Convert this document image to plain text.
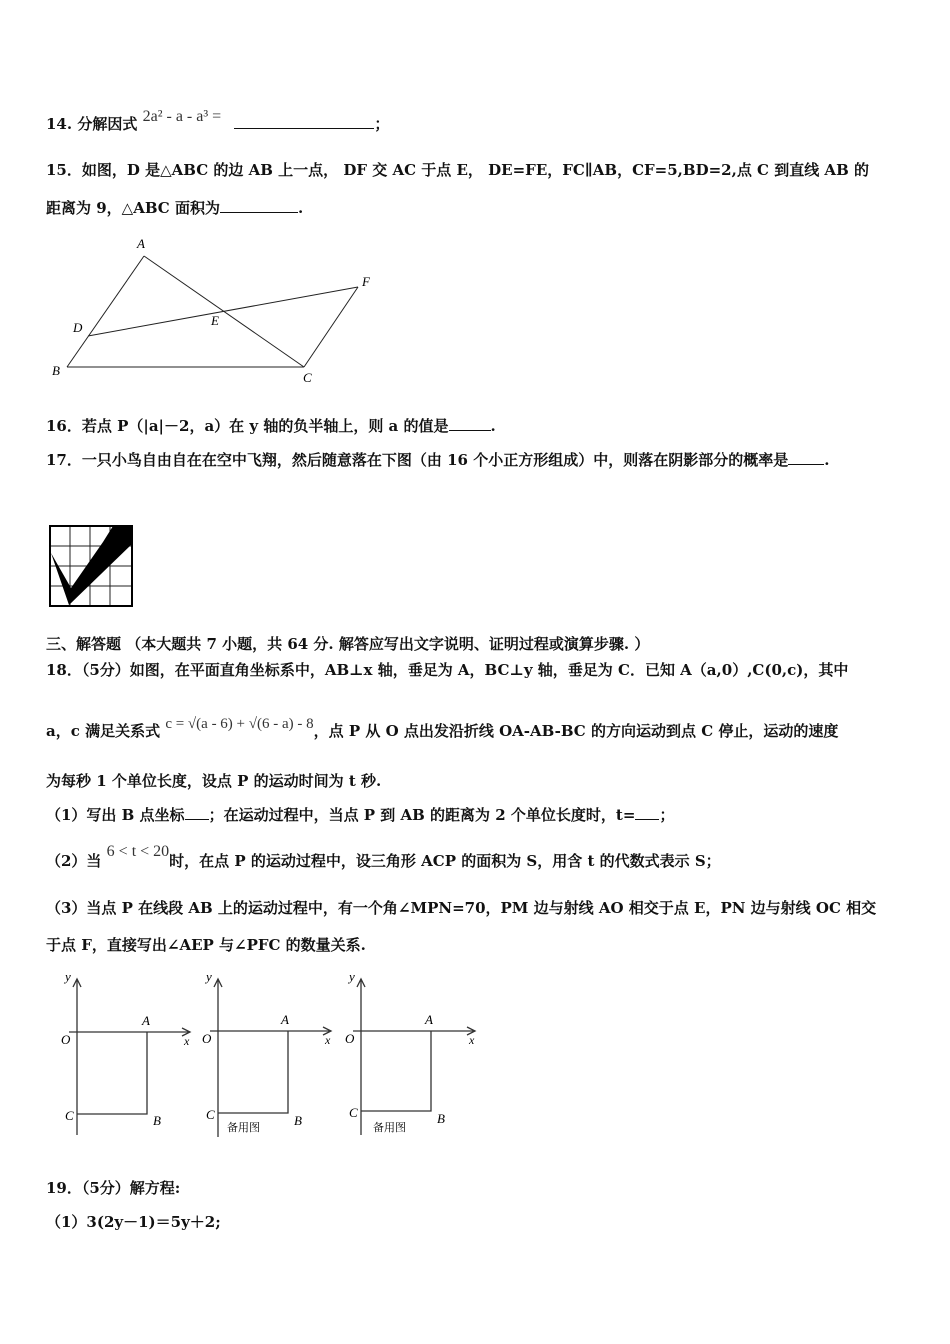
14. 分解因式 2a² - a - a³ =	；
15．如图，D 是△ABC 的边 AB 上一点， DF 交 AC 于点 E， DE=FE，FC∥AB，CF=5,BD=2,点 C 到直线 AB 的
距离为 9，△ABC 面积为	.
A
B	C
D	E
F
16．若点 P（|a|－2，a）在 y 轴的负半轴上，则 a 的值是	.
17．一只小鸟自由自在在空中飞翔，然后随意落在下图（由 16 个小正方形组成）中，则落在阴影部分的概率是 .
三、解答题 （本大题共 7 小题，共 64 分. 解答应写出文字说明、证明过程或演算步骤. ）
18．（5分）如图，在平面直角坐标系中，AB⊥x 轴，垂足为 A，BC⊥y 轴，垂足为 C．已知 A（a,0）,C(0,c)，其中
a，c 满足关系式 c = √(a - 6) + √(6 - a) - 8，点 P 从 O 点出发沿折线 OA-AB-BC 的方向运动到点 C 停止，运动的速度
为每秒 1 个单位长度，设点 P 的运动时间为 t 秒.
（1）写出 B 点坐标 ；在运动过程中，当点 P 到 AB 的距离为 2 个单位长度时，t= ；
（2）当 6 < t < 20时，在点 P 的运动过程中，设三角形 ACP 的面积为 S，用含 t 的代数式表示 S；
（3）当点 P 在线段 AB 上的运动过程中，有一个角∠MPN=70，PM 边与射线 AO 相交于点 E，PN 边与射线 OC 相交
于点 F，直接写出∠AEP 与∠PFC 的数量关系.
y
O
A
x
C	B
y
O
A
x
C	B
备用图
y
O
A
x
C	B
备用图
19．（5分）解方程:
（1）3(2y－1)＝5y＋2;
